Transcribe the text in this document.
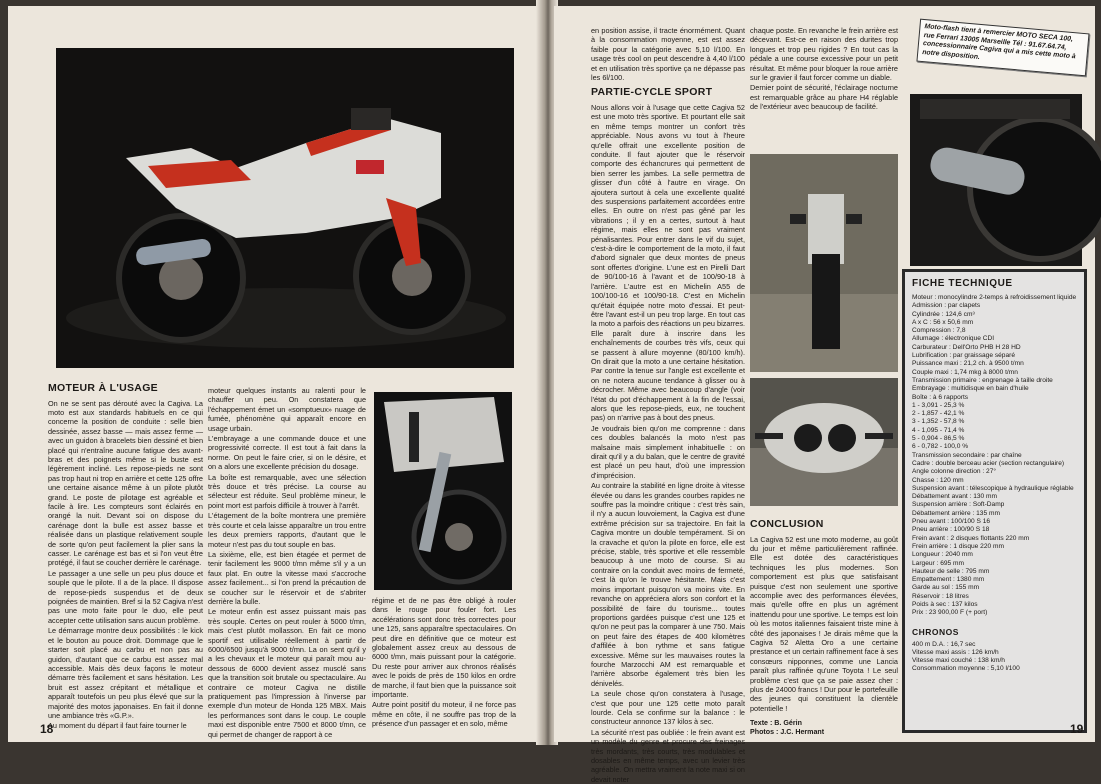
MOTEUR À L'USAGE

On ne se sent pas dérouté avec la Cagiva. La moto est aux standards habituels en ce qui concerne la position de conduite : selle bien dessinée, assez basse — mais assez ferme — avec un guidon à bracelets bien dessiné et bien placé qui n'entraîne aucune fatigue des avant-bras et des poignets même si le buste est légèrement incliné. Les repose-pieds ne sont pas trop haut ni trop en arrière et cette 125 offre une certaine aisance même à un pilote plutôt grand. Le poste de pilotage est agréable et facile à lire. Les compteurs sont éclairés en orangé la nuit. Devant soi on dispose du carénage dont la bulle est assez basse et réalisée dans un plastique relativement souple de sorte qu'on peut facilement la plier sans la casser. Le carénage est bas et si l'on veut être protégé, il faut se coucher derrière le carénage.

Le passager a une selle un peu plus douce et souple que le pilote. Il a de la place. Il dispose de repose-pieds suspendus et de deux poignées de maintien. Bref si la 52 Cagiva n'est pas une moto faite pour le duo, elle peut accepter cette utilisation sans aucun problème.

Le démarrage montre deux possibilités : le kick et le bouton au pouce droit. Dommage que le starter soit placé au carbu et non pas au guidon, d'autant que ce carbu est assez mal accessible. Mais dès deux façons le moteur démarre très facilement et sans hésitation. Les bruit est assez crépitant et métallique et apparaît toutefois un peu plus élevé que sur la majorité des motos japonaises. En fait il donne une ambiance très «G.P.».

Au moment du départ il faut faire tourner le

moteur quelques instants au ralenti pour le chauffer un peu. On constatera que l'échappement émet un «somptueux» nuage de fumée, phénomène qui apparaît encore en usage urbain.

L'embrayage a une commande douce et une progressivité correcte. Il est tout à fait dans la norme. On peut le faire crier, si on le désire, et on a alors une excellente précision du dosage.

La boîte est remarquable, avec une sélection très douce et très précise. La course au sélecteur est réduite. Seul problème mineur, le point mort est parfois difficile à trouver à l'arrêt.

L'étagement de la boîte montrera une première très courte et cela laisse apparaître un trou entre les deux premiers rapports, d'autant que le moteur n'est pas du tout souple en bas.

La sixième, elle, est bien étagée et permet de tenir facilement les 9000 t/mn même s'il y a un faux plat. En outre la vitesse maxi s'accroche assez facilement... si l'on prend la précaution de se coucher sur le réservoir et de s'abriter derrière la bulle.

Le moteur enfin est assez puissant mais pas très souple. Certes on peut rouler à 5000 t/mn, mais c'est plutôt mollasson. En fait ce mono sportif est utilisable réellement à partir de 6000/6500 jusqu'à 9000 t/mn. La on sent qu'il y a les chevaux et le moteur qui paraît mou au-dessous de 6000 devient assez musclé sans que la transition soit brutale ou spectaculaire. Au contraire ce moteur Cagiva ne distille pratiquement pas l'impression à l'inverse par exemple d'un moteur de Honda 125 MBX. Mais les performances sont dans le coup. Le couple maxi est disponible entre 7500 et 8000 t/mn, ce qui permet de changer de rapport à ce

régime et de ne pas être obligé à rouler dans le rouge pour fouler fort. Les accélérations sont donc très correctes pour une 125, sans apparaître spectaculaires. On peut dire en définitive que ce moteur est globalement assez creux au dessous de 6000 t/mn, mais puissant pour la catégorie. Du reste pour arriver aux chronos réalisés avec le poids de près de 150 kilos en ordre de marche, il faut bien que la puissance soit importante.

Autre point positif du moteur, il ne force pas même en côte, il ne souffre pas trop de la présence d'un passager et en solo, même

18
Moto-flash tient à remercier MOTO SECA 100, rue Ferrari 13005 Marseille Tél : 91.67.64.74, concessionnaire Cagiva qui a mis cette moto à notre disposition.

en position assise, il tracte énormément. Quant à la consommation moyenne, est est assez faible pour la catégorie avec 5,10 l/100. En usage très cool on peut descendre à 4,40 l/100 et en utilisation très sportive ça ne dépasse pas les 6l/100.

PARTIE-CYCLE SPORT

Nous allons voir à l'usage que cette Cagiva 52 est une moto très sportive. Et pourtant elle sait en même temps montrer un confort très appréciable. Nous avons vu tout à l'heure qu'elle offrait une excellente position de conduite. Il faut ajouter que le réservoir comporte des échancrures qui permettent de bien serrer les jambes. La selle permettra de glisser d'un côté à l'autre en virage. On ajoutera surtout à cela une excellente qualité des suspensions parfaitement accordées entre elles. En outre on n'est pas gêné par les vibrations ; il y en a certes, surtout à haut régime, mais elles ne sont pas vraiment pénalisantes. Pour entrer dans le vif du sujet, c'est-à-dire le comportement de la moto, il faut d'abord signaler que deux montes de pneus sont offertes d'origine. L'une est en Pirelli Dart de 90/100-16 à l'avant et de 100/90-18 à l'arrière. L'autre est en Michelin A55 de 100/100-16 et 100/90-18. C'est en Michelin qu'était équipée notre moto d'essai. Et peut-être l'avant est-il un peu trop large. En tout cas la moto a parfois des réactions un peu bizarres. Elle paraît dure à inscrire dans les enchaînements de courbes très vifs, ceux qui se passent à allure moyenne (80/100 km/h). On dirait que la moto a une certaine hésitation. Par contre la tenue sur l'angle est excellente et on ne notera aucune tendance à glisser ou à décrocher. Même avec beaucoup d'angle (voir l'état du pot d'échappement à la fin de l'essai, alors que les repose-pieds, eux, ne touchent pas) on n'arrive pas à bout des pneus.

Je voudrais bien qu'on me comprenne : dans ces doubles balancés la moto n'est pas malsaine mais simplement inhabituelle : on dirait qu'il y a du balan, que le centre de gravité est placé un peu haut, d'où une impression d'imprécision.

Au contraire la stabilité en ligne droite à vitesse élevée ou dans les grandes courbes rapides ne souffre pas la moindre critique : c'est très sain, il n'y a aucun louvoiement, la Cagiva est d'une extrême précision sur sa trajectoire. En fait la Cagiva montre un double tempérament. Si on la cravache et qu'on la pilote en force, elle est précise, stable, très sportive et elle ressemble beaucoup à une moto de course. Si au contraire on la conduit avec moins de fermeté, c'est là qu'on le trouve hésitante. Mais c'est moins important puisqu'on va moins vite. En revanche on appréciera alors son confort et la possibilité de faire du tourisme... toutes proportions gardées puisque c'est une 125 et qu'on ne peut pas la comparer à une 750. Mais on peut faire des étapes de 400 kilomètres d'affilée à bon rythme et sans fatigue excessive. Même sur les mauvaises routes la fourche Marzocchi AM est remarquable et l'arrière absorbe également très bien les dénivelés.

La seule chose qu'on constatera à l'usage, c'est que pour une 125 cette moto paraît lourde. Cela se confirme sur la balance : le constructeur annonce 137 kilos à sec.

La sécurité n'est pas oubliée : le frein avant est un modèle du genre et procure des freinages très mordants, très courts, très modulables et dosables en même temps, avec un levier très agréable. On mettra vraiment la note maxi si on devait noter

chaque poste. En revanche le frein arrière est décevant. Est-ce en raison des durites trop longues et trop peu rigides ? En tout cas la pédale a une course excessive pour un petit résultat. Et même pour bloquer la roue arrière sur le gravier il faut forcer comme un diable.

Dernier point de sécurité, l'éclairage nocturne est remarquable grâce au phare H4 réglable de l'extérieur avec beaucoup de facilité.

CONCLUSION

La Cagiva 52 est une moto moderne, au goût du jour et même particulièrement raffinée. Elle est dotée des caractéristiques techniques les plus modernes. Son comportement est plus que satisfaisant puisque c'est non seulement une sportive accomplie avec des performances élevées, mais qu'elle offre en plus un agrément inattendu pour une sportive. Le temps est loin où les motos italiennes faisaient triste mine à côté des japonaises ! Je dirais même que la Cagiva 52 Aletta Oro a une certaine prestance et un certain raffinement face à ses consœurs nipponnes, comme une Lancia paraît plus raffinée qu'une Toyota ! Le seul problème c'est que ça se paie assez cher : plus de 24000 francs ! Dur pour le portefeuille des jeunes qui constituent la clientèle potentielle !

Texte : B. Gérin
Photos : J.C. Hermant
FICHE TECHNIQUE
Moteur : monocylindre 2-temps à refroidissement liquide
Admission : par clapets
Cylindrée : 124,6 cm³
A x C : 56 x 50,6 mm
Compression : 7,8
Allumage : électronique CDI
Carburateur : Dell'Orto PHB H 28 HD
Lubrification : par graissage séparé
Puissance maxi : 21,2 ch. à 9500 t/mn
Couple maxi : 1,74 mkg à 8000 t/mn
Transmission primaire : engrenage à taille droite
Embrayage : multidisque en bain d'huile
Boîte : à 6 rapports
1 - 3,091 - 25,3 %
2 - 1,857 - 42,1 %
3 - 1,352 - 57,8 %
4 - 1,095 - 71,4 %
5 - 0,904 - 86,5 %
6 - 0,782 - 100,0 %
Transmission secondaire : par chaîne
Cadre : double berceau acier (section rectangulaire)
Angle colonne direction : 27°
Chasse : 120 mm
Suspension avant : télescopique à hydraulique réglable
Débattement avant : 130 mm
Suspension arrière : Soft-Damp
Débattement arrière : 135 mm
Pneu avant : 100/100 S 16
Pneu arrière : 100/90 S 18
Frein avant : 2 disques flottants 220 mm
Frein arrière : 1 disque 220 mm
Longueur : 2040 mm
Largeur : 695 mm
Hauteur de selle : 795 mm
Empattement : 1380 mm
Garde au sol : 155 mm
Réservoir : 18 litres
Poids à sec : 137 kilos
Prix : 23 900,00 F (+ port)
CHRONOS
400 m D.A. : 16,7 sec
Vitesse maxi assis : 126 km/h
Vitesse maxi couché : 138 km/h
Consommation moyenne : 5,10 l/100
19
